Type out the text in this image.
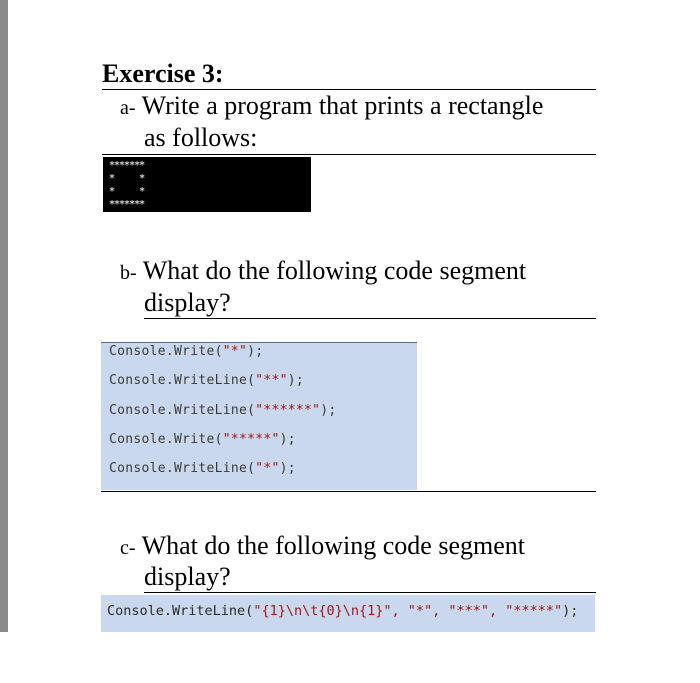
Exercise 3:
a- Write a program that prints a rectangle
as follows:
*******
*     *
*     *
*******
b- What do the following code segment
display?
Console.Write("*");
Console.WriteLine("**");
Console.WriteLine("******");
Console.Write("*****");
Console.WriteLine("*");
c- What do the following code segment
display?
Console.WriteLine("{1}\n\t{0}\n{1}", "*", "***", "*****");
